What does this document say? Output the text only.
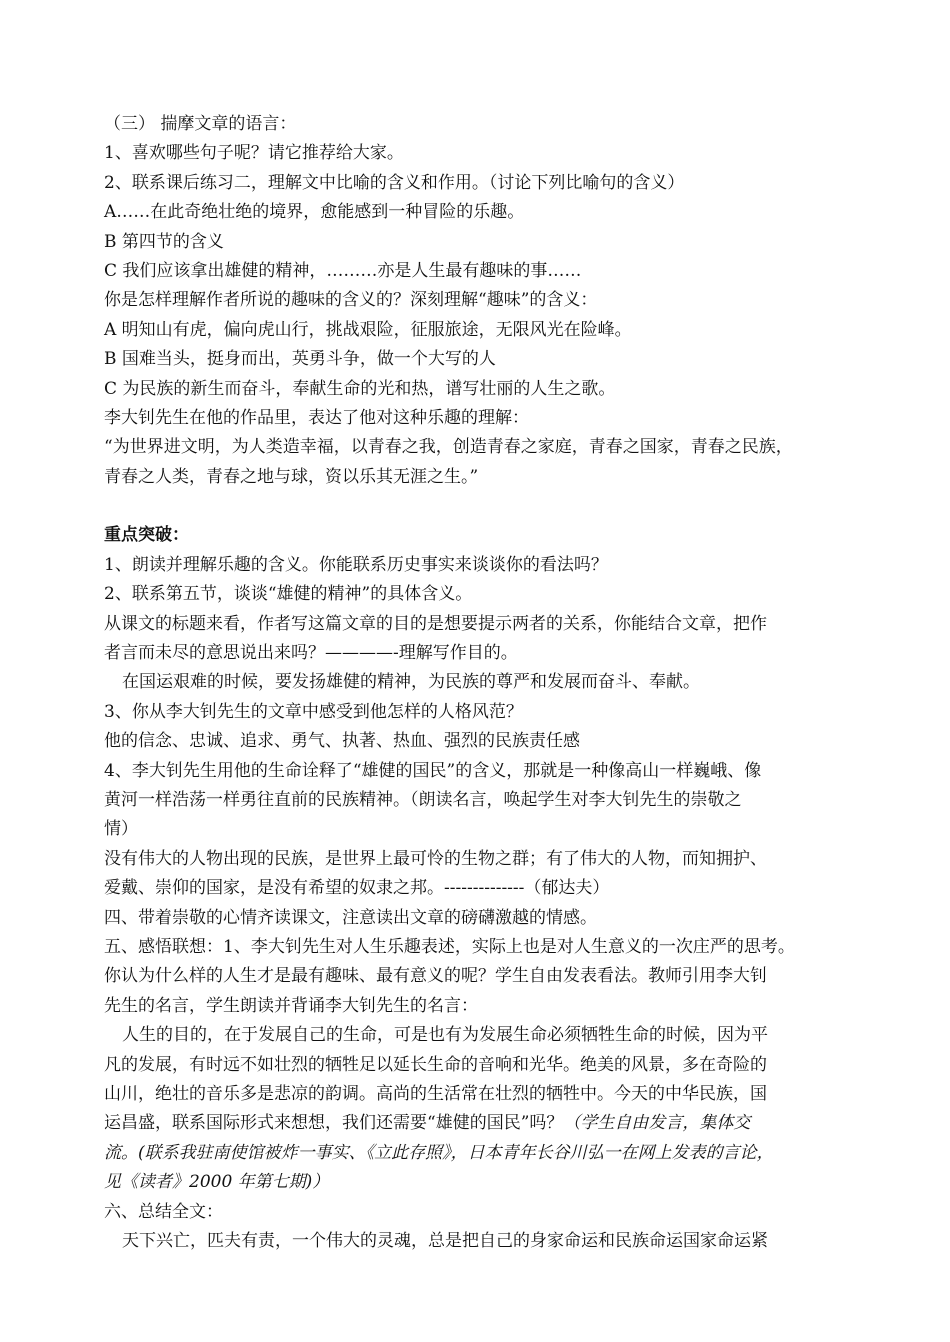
（三） 揣摩文章的语言：
1、喜欢哪些句子呢？请它推荐给大家。
2、联系课后练习二，理解文中比喻的含义和作用。（讨论下列比喻句的含义）
A……在此奇绝壮绝的境界，愈能感到一种冒险的乐趣。
B 第四节的含义
C 我们应该拿出雄健的精神，………亦是人生最有趣味的事……
你是怎样理解作者所说的趣味的含义的？深刻理解“趣味”的含义：
A 明知山有虎，偏向虎山行，挑战艰险，征服旅途，无限风光在险峰。
B 国难当头，挺身而出，英勇斗争，做一个大写的人
C 为民族的新生而奋斗，奉献生命的光和热，谱写壮丽的人生之歌。
李大钊先生在他的作品里，表达了他对这种乐趣的理解：
“为世界进文明，为人类造幸福，以青春之我，创造青春之家庭，青春之国家，青春之民族，
青春之人类，青春之地与球，资以乐其无涯之生。”
重点突破：
1、朗读并理解乐趣的含义。你能联系历史事实来谈谈你的看法吗？
2、联系第五节，谈谈“雄健的精神”的具体含义。
从课文的标题来看，作者写这篇文章的目的是想要提示两者的关系，你能结合文章，把作
者言而未尽的意思说出来吗？————-理解写作目的。
在国运艰难的时候，要发扬雄健的精神，为民族的尊严和发展而奋斗、奉献。
3、你从李大钊先生的文章中感受到他怎样的人格风范？
他的信念、忠诚、追求、勇气、执著、热血、强烈的民族责任感
4、李大钊先生用他的生命诠释了“雄健的国民”的含义，那就是一种像高山一样巍峨、像
黄河一样浩荡一样勇往直前的民族精神。（朗读名言，唤起学生对李大钊先生的崇敬之
情）
没有伟大的人物出现的民族，是世界上最可怜的生物之群；有了伟大的人物，而知拥护、
爱戴、崇仰的国家，是没有希望的奴隶之邦。--------------（郁达夫）
四、带着崇敬的心情齐读课文，注意读出文章的磅礴激越的情感。
五、感悟联想：1、李大钊先生对人生乐趣表述，实际上也是对人生意义的一次庄严的思考。
你认为什么样的人生才是最有趣味、最有意义的呢？学生自由发表看法。教师引用李大钊
先生的名言，学生朗读并背诵李大钊先生的名言：
人生的目的，在于发展自己的生命，可是也有为发展生命必须牺牲生命的时候，因为平
凡的发展，有时远不如壮烈的牺牲足以延长生命的音响和光华。绝美的风景，多在奇险的
山川，绝壮的音乐多是悲凉的韵调。高尚的生活常在壮烈的牺牲中。今天的中华民族，国
运昌盛，联系国际形式来想想，我们还需要“雄健的国民”吗？（学生自由发言，集体交
流。(联系我驻南使馆被炸一事实、《立此存照》，日本青年长谷川弘一在网上发表的言论，
见《读者》2000 年第七期)）
六、总结全文：
天下兴亡，匹夫有责，一个伟大的灵魂，总是把自己的身家命运和民族命运国家命运紧
